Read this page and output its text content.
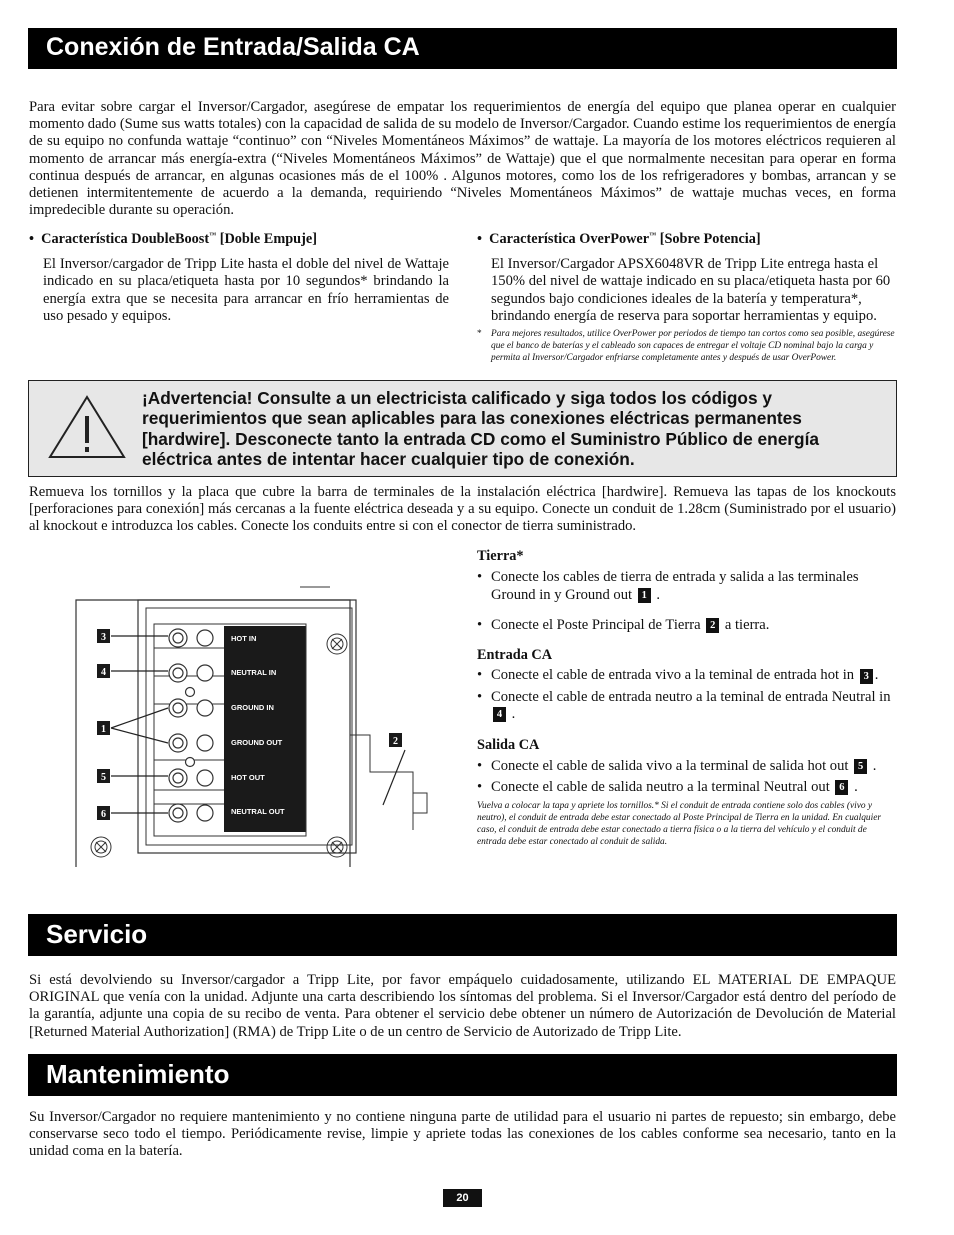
Conexión de Entrada/Salida CA

Para evitar sobre cargar el Inversor/Cargador, asegúrese de empatar los requerimientos de energía del equipo que planea operar en cualquier momento dado (Sume sus watts totales) con la capacidad de salida de su modelo de Inversor/Cargador. Cuando estime los requerimientos de energía de su equipo no confunda wattaje “continuo” con “Niveles Momentáneos Máximos” de wattaje. La mayoría de los motores eléctricos requieren al momento de arrancar más energía-extra (“Niveles Momentáneos Máximos” de Wattaje) que el que normalmente necesitan para operar en forma continua después de arrancar, en algunas ocasiones más de el 100% . Algunos motores, como los de los refrigeradores y bombas, arrancan y se detienen intermitentemente de acuerdo a la demanda, requiriendo “Niveles Momentáneos Máximos” de wattaje muchas veces, en forma impredecible durante su operación.

•  Característica DoubleBoost™ [Doble Empuje]

El Inversor/cargador de Tripp Lite hasta el doble del nivel de Wattaje indicado en su placa/etiqueta hasta por 10 segundos* brindando la energía extra que se necesita para arrancar en frío herramientas de uso pesado y equipos.

•  Característica OverPower™ [Sobre Potencia]

El Inversor/Cargador APSX6048VR de Tripp Lite entrega hasta el 150% del nivel de wattaje indicado en su placa/etiqueta hasta por 60 segundos bajo condiciones ideales de la batería y temperatura*, brindando energía de reserva para soportar herramientas y equipo.

* Para mejores resultados, utilice OverPower por periodos de tiempo tan cortos como sea posible, asegúrese que el banco de baterías y el cableado son capaces de entregar el voltaje CD nominal bajo la carga y permita al Inversor/Cargador enfriarse completamente antes y después de usar OverPower.
¡Advertencia! Consulte a un electricista calificado y siga todos los códigos y requerimientos que sean aplicables para las conexiones eléctricas permanentes [hardwire]. Desconecte tanto la entrada CD como el Suministro Público de energía eléctrica antes de intentar hacer cualquier tipo de conexión.

Remueva los tornillos y la placa que cubre la barra de terminales de la instalación eléctrica [hardwire]. Remueva las tapas de los knockouts [perforaciones para conexión] más cercanas a la fuente eléctrica deseada y a su equipo. Conecte un conduit de 1.28cm (Suministrado por el usuario) al knockout e introduzca los cables. Conecte los conduits entre si con el conector de tierra suministrado.

HOT IN
NEUTRAL IN
GROUND IN
GROUND OUT
HOT OUT
NEUTRAL OUT
3
4
1
5
6
2

Tierra*

• Conecte los cables de tierra de entrada y salida a las terminales Ground in y Ground out 1 .
• Conecte el Poste Principal de Tierra 2 a tierra.

Entrada CA

• Conecte el cable de entrada vivo a la teminal de entrada hot in 3 .
• Conecte el cable de entrada neutro a la teminal de entrada Neutral in 4 .

Salida CA

• Conecte el cable de salida vivo a la terminal de salida hot out 5 .
• Conecte el cable de salida neutro a la terminal Neutral out 6 .
Vuelva a colocar la tapa y apriete los tornillos.* Si el conduit de entrada contiene solo dos cables (vivo y neutro), el conduit de entrada debe estar conectado al Poste Principal de Tierra en la unidad. En cualquier caso, el conduit de entrada debe estar conectado a tierra física o a la tierra del vehículo y el conduit de entrada debe estar conectado al conduit de salida.
Servicio

Si está devolviendo su Inversor/cargador a Tripp Lite, por favor empáquelo cuidadosamente, utilizando EL MATERIAL DE EMPAQUE ORIGINAL que venía con la unidad. Adjunte una carta describiendo los síntomas del problema. Si el Inversor/Cargador está dentro del período de la garantía, adjunte una copia de su recibo de venta. Para obtener el servicio debe obtener un número de Autorización de Devolución de Material [Returned Material Authorization] (RMA) de Tripp Lite o de un centro de Servicio de Autorizado de Tripp Lite.

Mantenimiento

Su Inversor/Cargador no requiere mantenimiento y no contiene ninguna parte de utilidad para el usuario ni partes de repuesto; sin embargo, debe conservarse seco todo el tiempo. Periódicamente revise, limpie y apriete todas las conexiones de los cables conforme sea necesario, tanto en la unidad coma en la batería.

20
